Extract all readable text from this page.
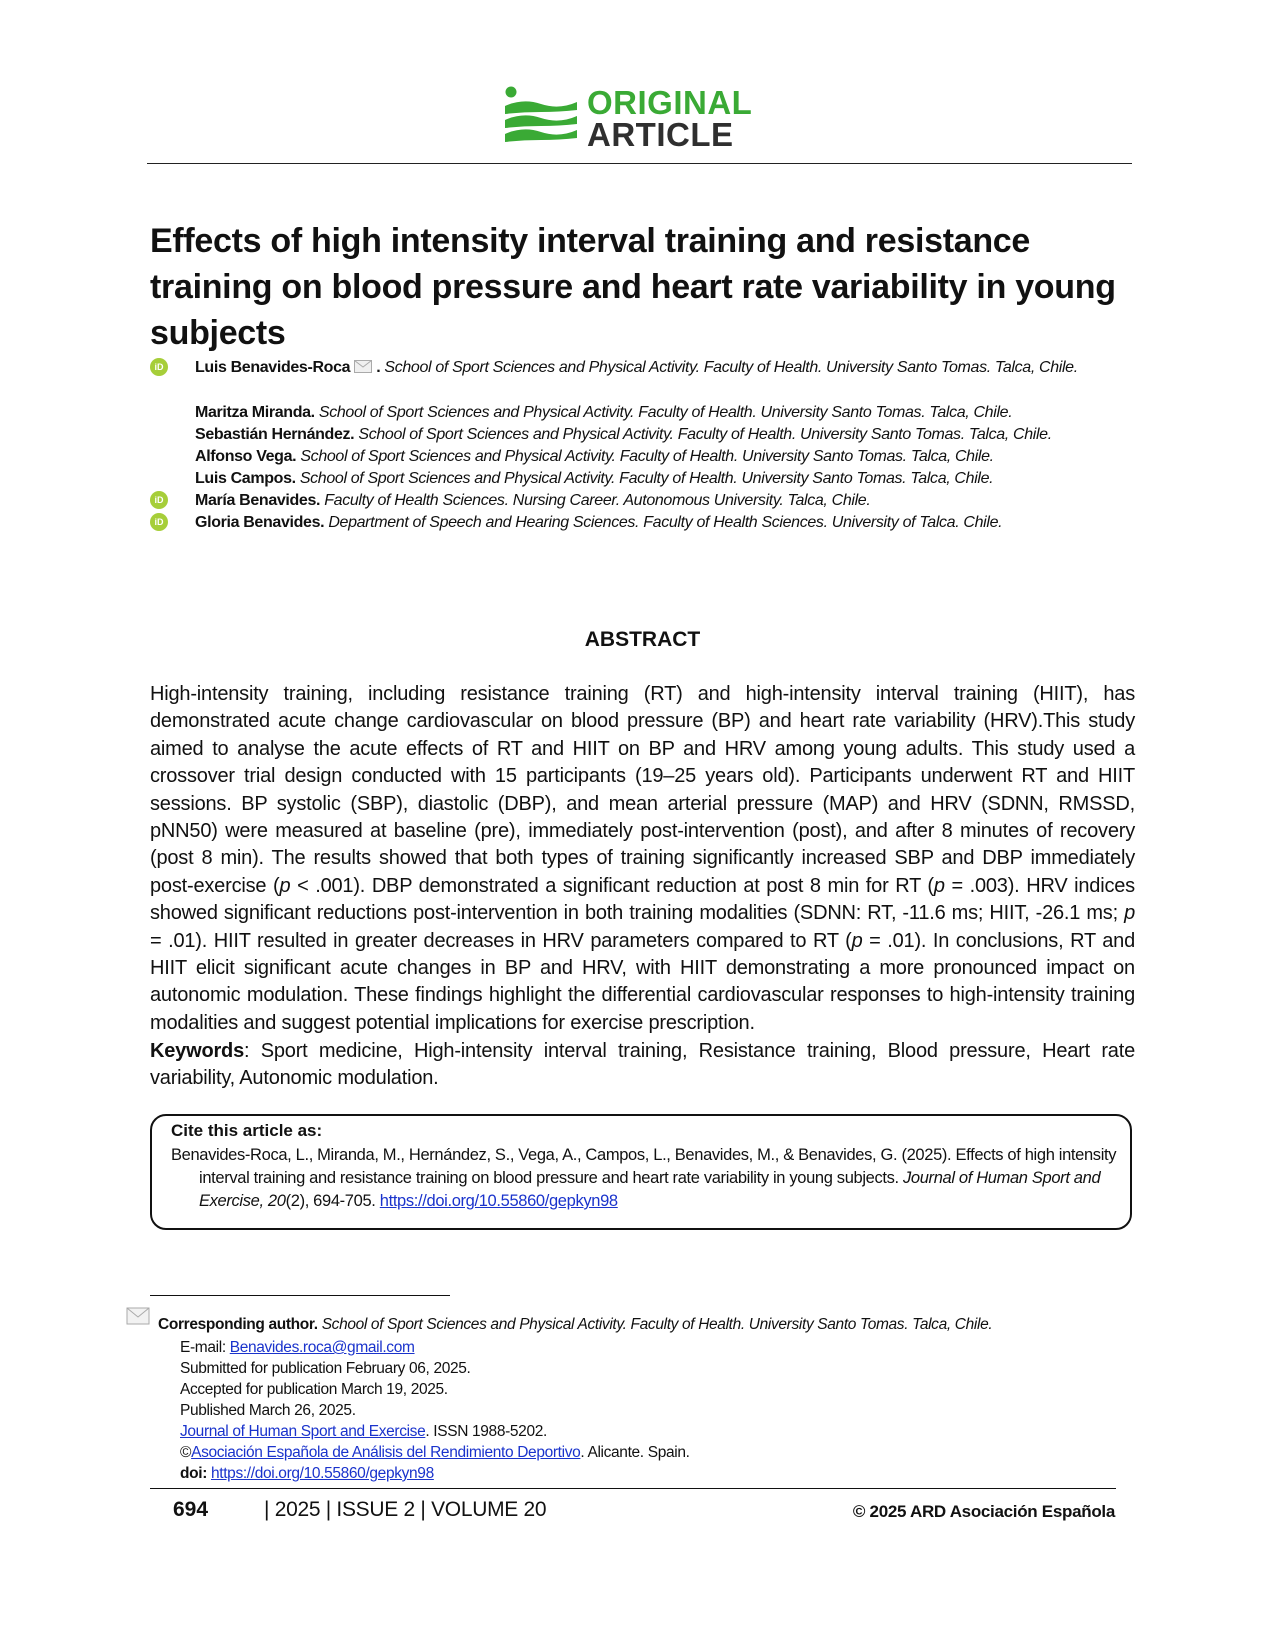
ORIGINAL
ARTICLE
Effects of high intensity interval training and resistance training on blood pressure and heart rate variability in young subjects
iD Luis Benavides-Roca . School of Sport Sciences and Physical Activity. Faculty of Health. University Santo Tomas. Talca, Chile.
Maritza Miranda. School of Sport Sciences and Physical Activity. Faculty of Health. University Santo Tomas. Talca, Chile.
Sebastián Hernández. School of Sport Sciences and Physical Activity. Faculty of Health. University Santo Tomas. Talca, Chile.
Alfonso Vega. School of Sport Sciences and Physical Activity. Faculty of Health. University Santo Tomas. Talca, Chile.
Luis Campos. School of Sport Sciences and Physical Activity. Faculty of Health. University Santo Tomas. Talca, Chile.
iD María Benavides. Faculty of Health Sciences. Nursing Career. Autonomous University. Talca, Chile.
iD Gloria Benavides. Department of Speech and Hearing Sciences. Faculty of Health Sciences. University of Talca. Chile.
ABSTRACT
High-intensity training, including resistance training (RT) and high-intensity interval training (HIIT), has demonstrated acute change cardiovascular on blood pressure (BP) and heart rate variability (HRV).This study aimed to analyse the acute effects of RT and HIIT on BP and HRV among young adults. This study used a crossover trial design conducted with 15 participants (19–25 years old). Participants underwent RT and HIIT sessions. BP systolic (SBP), diastolic (DBP), and mean arterial pressure (MAP) and HRV (SDNN, RMSSD, pNN50) were measured at baseline (pre), immediately post-intervention (post), and after 8 minutes of recovery (post 8 min). The results showed that both types of training significantly increased SBP and DBP immediately post-exercise (p < .001). DBP demonstrated a significant reduction at post 8 min for RT (p = .003). HRV indices showed significant reductions post-intervention in both training modalities (SDNN: RT, -11.6 ms; HIIT, -26.1 ms; p = .01). HIIT resulted in greater decreases in HRV parameters compared to RT (p = .01). In conclusions, RT and HIIT elicit significant acute changes in BP and HRV, with HIIT demonstrating a more pronounced impact on autonomic modulation. These findings highlight the differential cardiovascular responses to high-intensity training modalities and suggest potential implications for exercise prescription.
Keywords: Sport medicine, High-intensity interval training, Resistance training, Blood pressure, Heart rate variability, Autonomic modulation.
Cite this article as:
Benavides-Roca, L., Miranda, M., Hernández, S., Vega, A., Campos, L., Benavides, M., & Benavides, G. (2025). Effects of high intensity interval training and resistance training on blood pressure and heart rate variability in young subjects. Journal of Human Sport and Exercise, 20(2), 694-705. https://doi.org/10.55860/gepkyn98
Corresponding author. School of Sport Sciences and Physical Activity. Faculty of Health. University Santo Tomas. Talca, Chile.
E-mail: Benavides.roca@gmail.com
Submitted for publication February 06, 2025.
Accepted for publication March 19, 2025.
Published March 26, 2025.
Journal of Human Sport and Exercise. ISSN 1988-5202.
©Asociación Española de Análisis del Rendimiento Deportivo. Alicante. Spain.
doi: https://doi.org/10.55860/gepkyn98
694	| 2025 | ISSUE 2 | VOLUME 20	© 2025 ARD Asociación Española
